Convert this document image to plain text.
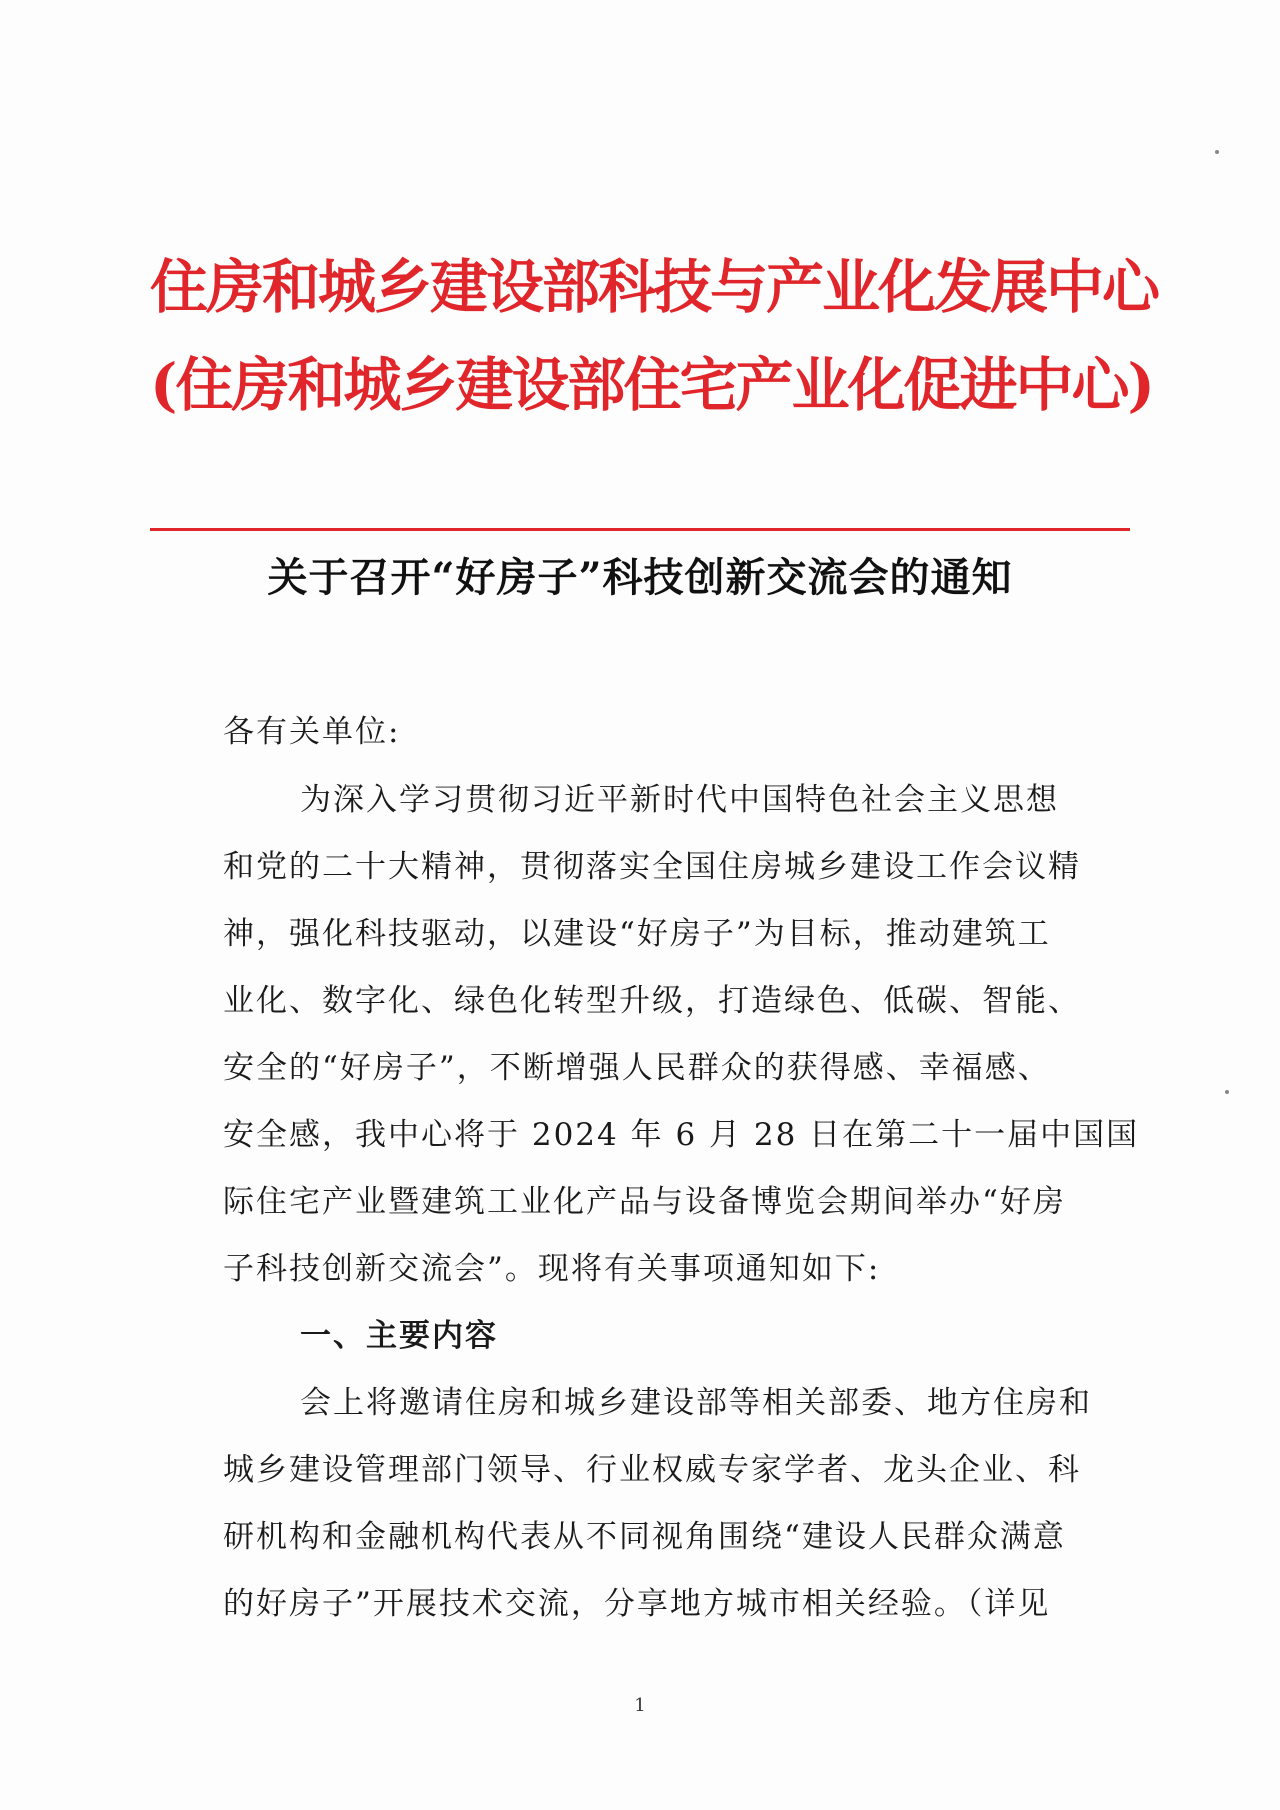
住房和城乡建设部科技与产业化发展中心
(住房和城乡建设部住宅产业化促进中心)
关于召开“好房子”科技创新交流会的通知
各有关单位:
为深入学习贯彻习近平新时代中国特色社会主义思想
和党的二十大精神，贯彻落实全国住房城乡建设工作会议精
神，强化科技驱动，以建设“好房子”为目标，推动建筑工
业化、数字化、绿色化转型升级，打造绿色、低碳、智能、
安全的“好房子”，不断增强人民群众的获得感、幸福感、
安全感，我中心将于 2024 年 6 月 28 日在第二十一届中国国
际住宅产业暨建筑工业化产品与设备博览会期间举办“好房
子科技创新交流会”。现将有关事项通知如下:
一、主要内容
会上将邀请住房和城乡建设部等相关部委、地方住房和
城乡建设管理部门领导、行业权威专家学者、龙头企业、科
研机构和金融机构代表从不同视角围绕“建设人民群众满意
的好房子”开展技术交流，分享地方城市相关经验。（详见
1
